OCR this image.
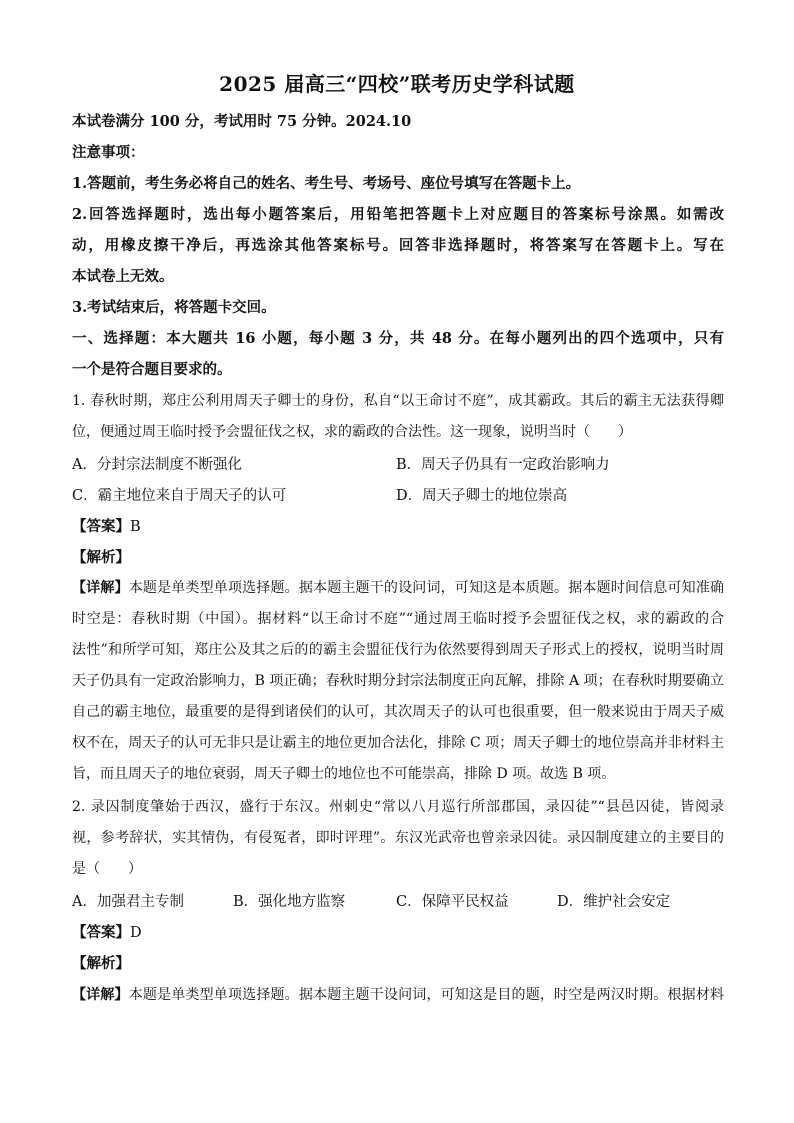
2025 届高三“四校”联考历史学科试题
本试卷满分 100 分，考试用时 75 分钟。2024.10
注意事项：
1.答题前，考生务必将自己的姓名、考生号、考场号、座位号填写在答题卡上。
2.回答选择题时，选出每小题答案后，用铅笔把答题卡上对应题目的答案标号涂黑。如需改
动，用橡皮擦干净后，再选涂其他答案标号。回答非选择题时，将答案写在答题卡上。写在
本试卷上无效。
3.考试结束后，将答题卡交回。
一、选择题：本大题共 16 小题，每小题 3 分，共 48 分。在每小题列出的四个选项中，只有
一个是符合题目要求的。
1. 春秋时期，郑庄公利用周天子卿士的身份，私自“以王命讨不庭”，成其霸政。其后的霸主无法获得卿
位，便通过周王临时授予会盟征伐之权，求的霸政的合法性。这一现象，说明当时（　　）
A．分封宗法制度不断强化	B．周天子仍具有一定政治影响力
C．霸主地位来自于周天子的认可	D．周天子卿士的地位崇高
【答案】B
【解析】
【详解】本题是单类型单项选择题。据本题主题干的设问词，可知这是本质题。据本题时间信息可知准确
时空是：春秋时期（中国）。据材料“以王命讨不庭”“通过周王临时授予会盟征伐之权，求的霸政的合
法性”和所学可知，郑庄公及其之后的的霸主会盟征伐行为依然要得到周天子形式上的授权，说明当时周
天子仍具有一定政治影响力，B 项正确；春秋时期分封宗法制度正向瓦解，排除 A 项；在春秋时期要确立
自己的霸主地位，最重要的是得到诸侯们的认可，其次周天子的认可也很重要，但一般来说由于周天子威
权不在，周天子的认可无非只是让霸主的地位更加合法化，排除 C 项；周天子卿士的地位崇高并非材料主
旨，而且周天子的地位衰弱，周天子卿士的地位也不可能崇高，排除 D 项。故选 B 项。
2. 录囚制度肇始于西汉，盛行于东汉。州刺史“常以八月巡行所部郡国，录囚徒”“县邑囚徒，皆阅录
视，参考辞状，实其情伪，有侵冤者，即时评理”。东汉光武帝也曾亲录囚徒。录囚制度建立的主要目的
是（　　）
A．加强君主专制	B．强化地方监察	C．保障平民权益	D．维护社会安定
【答案】D
【解析】
【详解】本题是单类型单项选择题。据本题主题干设问词，可知这是目的题，时空是两汉时期。根据材料
